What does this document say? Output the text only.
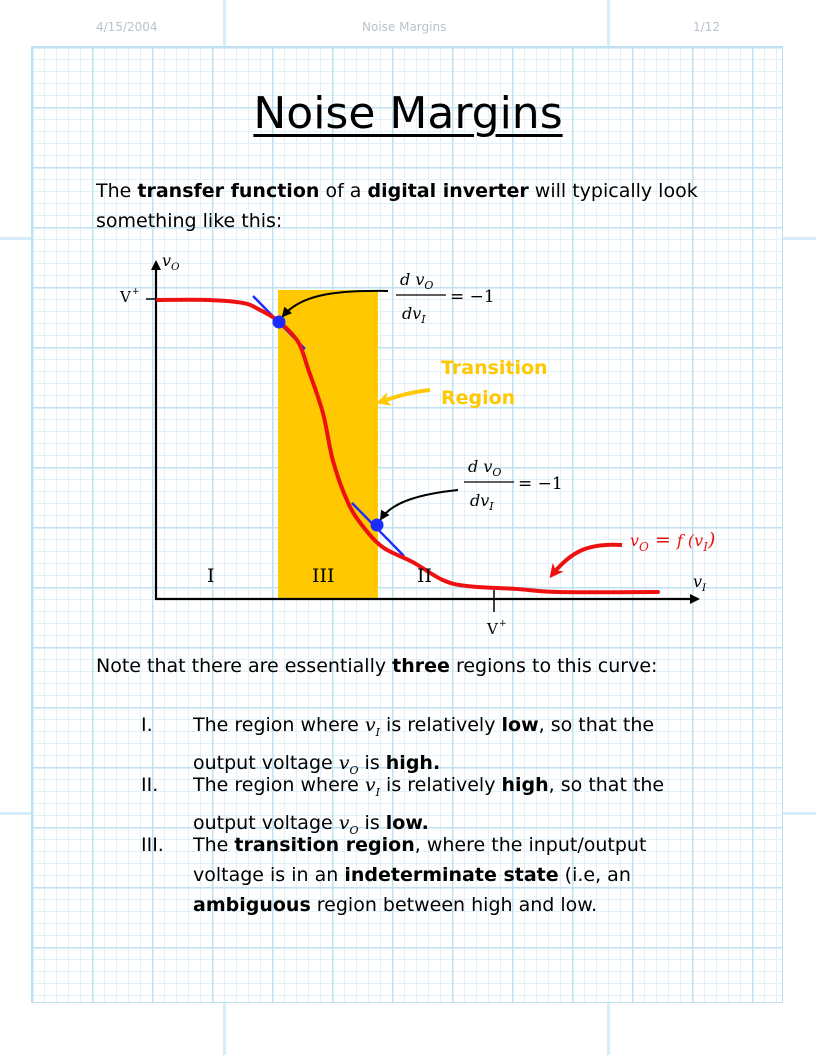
4/15/2004	Noise Margins	1/12
Noise Margins
The transfer function of a digital inverter will typically look
something like this:
$v_O$
$v_I$
V +
V +
d $v_O$
$dv_I$
= −1
d $v_O$
$dv_I$
= −1
Transition
Region
$v_O = f$ $(v_I)$
I	III	II
Note that there are essentially three regions to this curve:
I.	The region where $v_I$ is relatively low, so that the
output voltage $v_O$ is high.
II.	The region where $v_I$ is relatively high, so that the
output voltage $v_O$ is low.
III.	The transition region, where the input/output
voltage is in an indeterminate state (i.e, an
ambiguous region between high and low.
